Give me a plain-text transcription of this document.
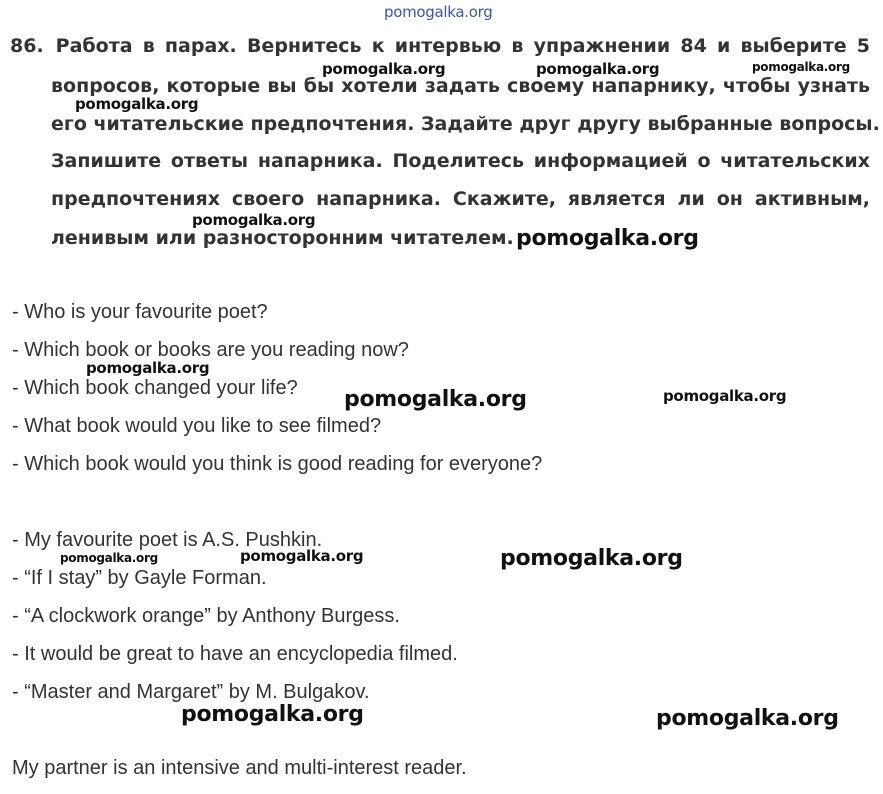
pomogalka.org
86. Работа в парах. Вернитесь к интервью в упражнении 84 и выберите 5
вопросов, которые вы бы хотели задать своему напарнику, чтобы узнать
его читательские предпочтения. Задайте друг другу выбранные вопросы.
Запишите ответы напарника. Поделитесь информацией о читательских
предпочтениях своего напарника. Скажите, является ли он активным,
ленивым или разносторонним читателем.
- Who is your favourite poet?
- Which book or books are you reading now?
- Which book changed your life?
- What book would you like to see filmed?
- Which book would you think is good reading for everyone?
- My favourite poet is A.S. Pushkin.
- “If I stay” by Gayle Forman.
- “A clockwork orange” by Anthony Burgess.
- It would be great to have an encyclopedia filmed.
- “Master and Margaret” by M. Bulgakov.
My partner is an intensive and multi-interest reader.
pomogalka.org	pomogalka.org	pomogalka.org
pomogalka.org
pomogalka.org
pomogalka.org
pomogalka.org
pomogalka.org	pomogalka.org
pomogalka.org	pomogalka.org	pomogalka.org
pomogalka.org	pomogalka.org
